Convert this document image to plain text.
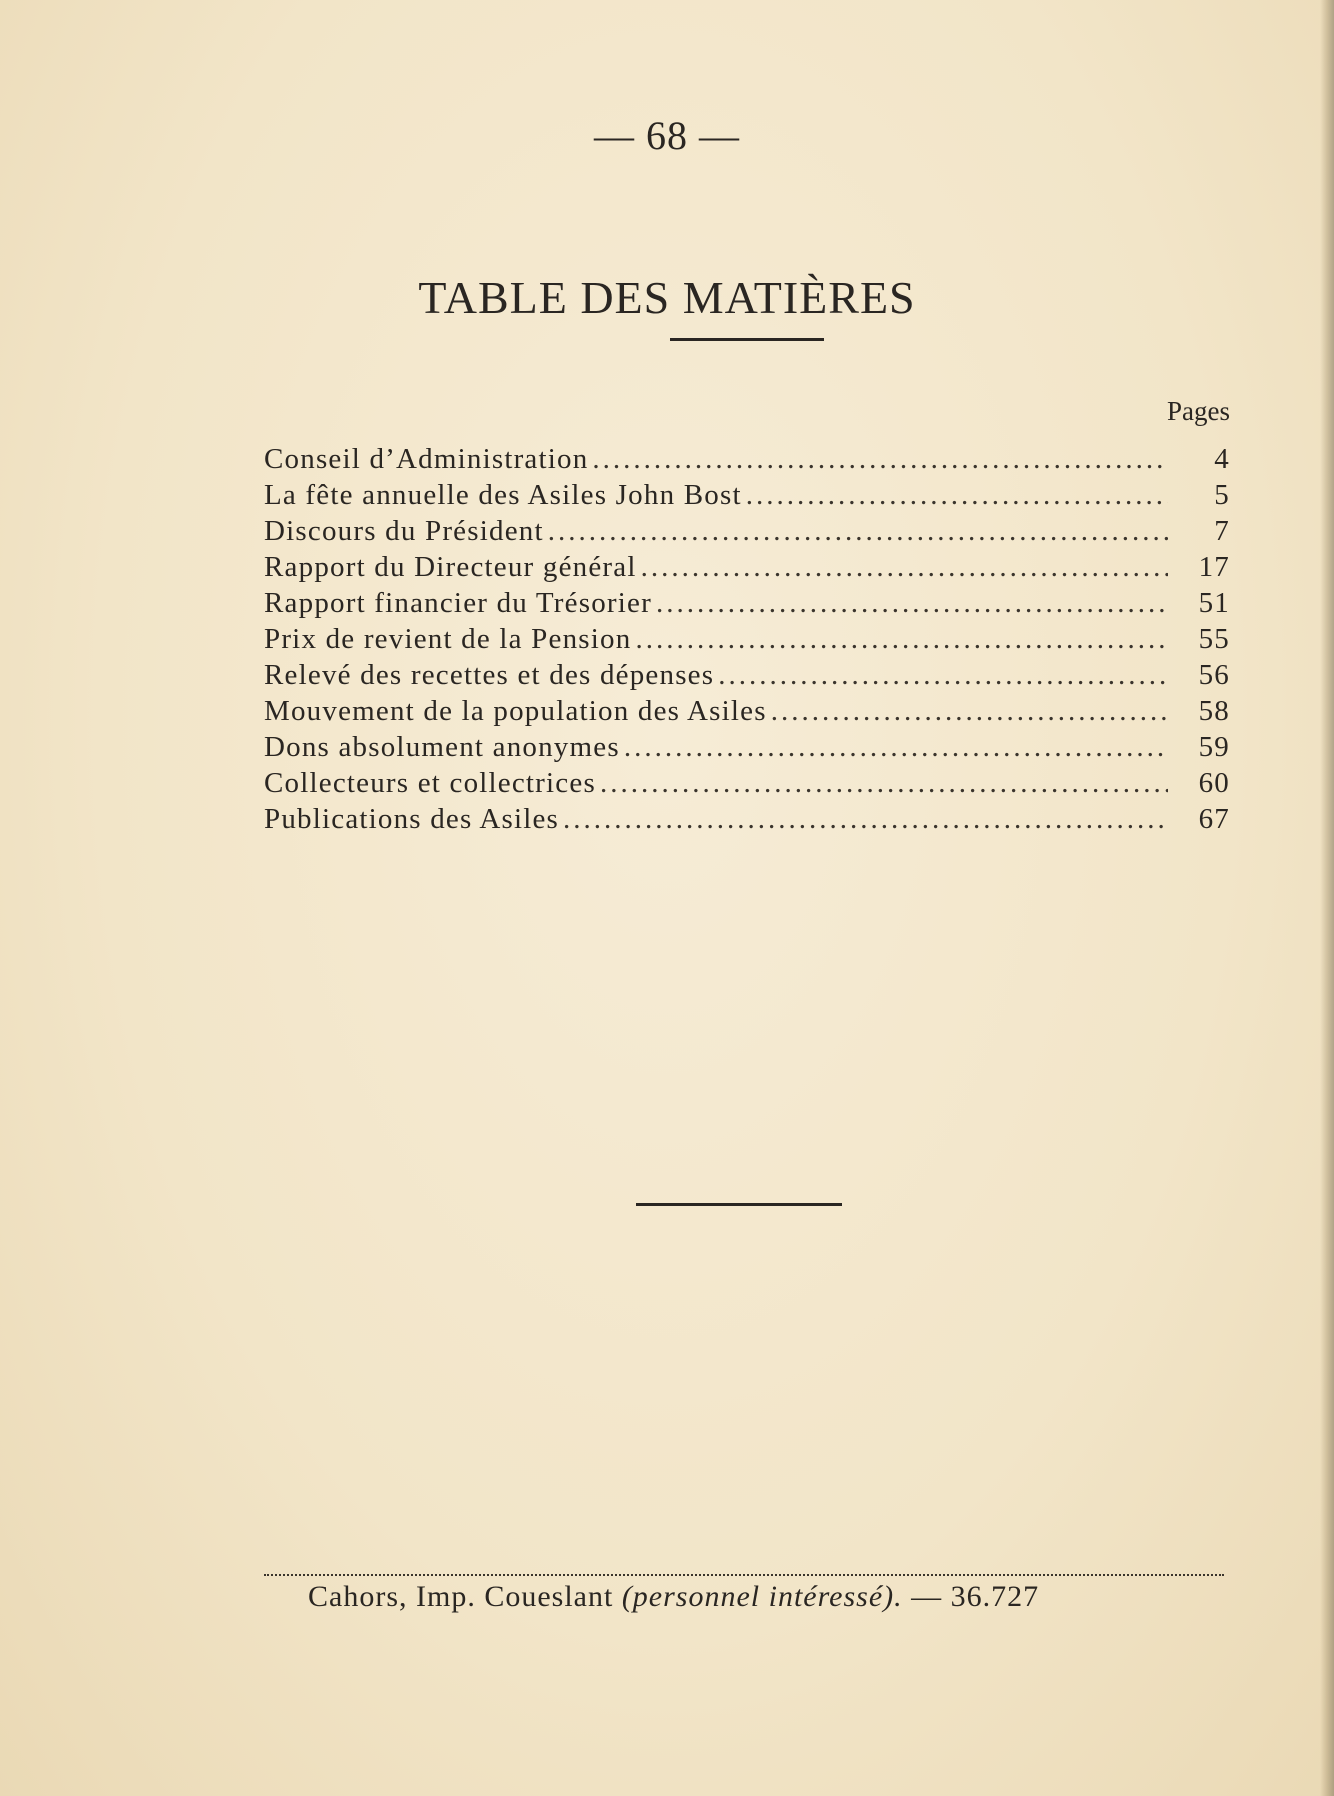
— 68 —
TABLE DES MATIÈRES
Pages
Conseil d’Administration .....	4
La fête annuelle des Asiles John Bost .....	5
Discours du Président .....	7
Rapport du Directeur général .....	17
Rapport financier du Trésorier .....	51
Prix de revient de la Pension .....	55
Relevé des recettes et des dépenses .....	56
Mouvement de la population des Asiles .....	58
Dons absolument anonymes .....	59
Collecteurs et collectrices .....	60
Publications des Asiles .....	67
Cahors, Imp. Coueslant (personnel intéressé). — 36.727
